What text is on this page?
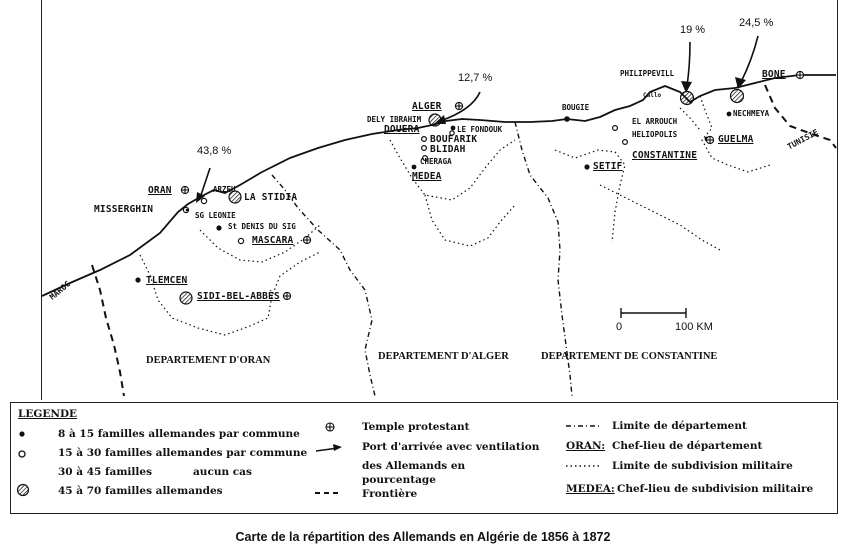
43,8 %
12,7 %
19 %
24,5 %
ORAN
MISSERGHIN
ARZEU
LA STIDIA
SG LEONIE
St DENIS DU SIG
MASCARA
TLEMCEN
SIDI-BEL-ABBÈS
ALGER
DELY IBRAHIM
DOUERA	LE FONDOUK
BOUFARIK
BLIDAH
CHERAGA
MEDEA
BOUGIE
SETIF
PHILIPPEVILL
Callo
EL ARROUCH
HELIOPOLIS
CONSTANTINE
GUELMA
BONE
NECHMEYA
MAROC
TUNISIE
0	100 KM
DEPARTEMENT D'ORAN	DEPARTEMENT D'ALGER	DEPARTEMENT DE CONSTANTINE
LEGENDE
8 à 15 familles allemandes par commune
15 à 30 familles allemandes par commune
30 à 45 familles	aucun cas
45 à 70 familles allemandes
Temple protestant
Port d'arrivée avec ventilation
des Allemands en
pourcentage
Frontière
Limite de département
ORAN: Chef-lieu de département
Limite de subdivision militaire
MEDEA: Chef-lieu de subdivision militaire
Carte de la répartition des Allemands en Algérie de 1856 à 1872
